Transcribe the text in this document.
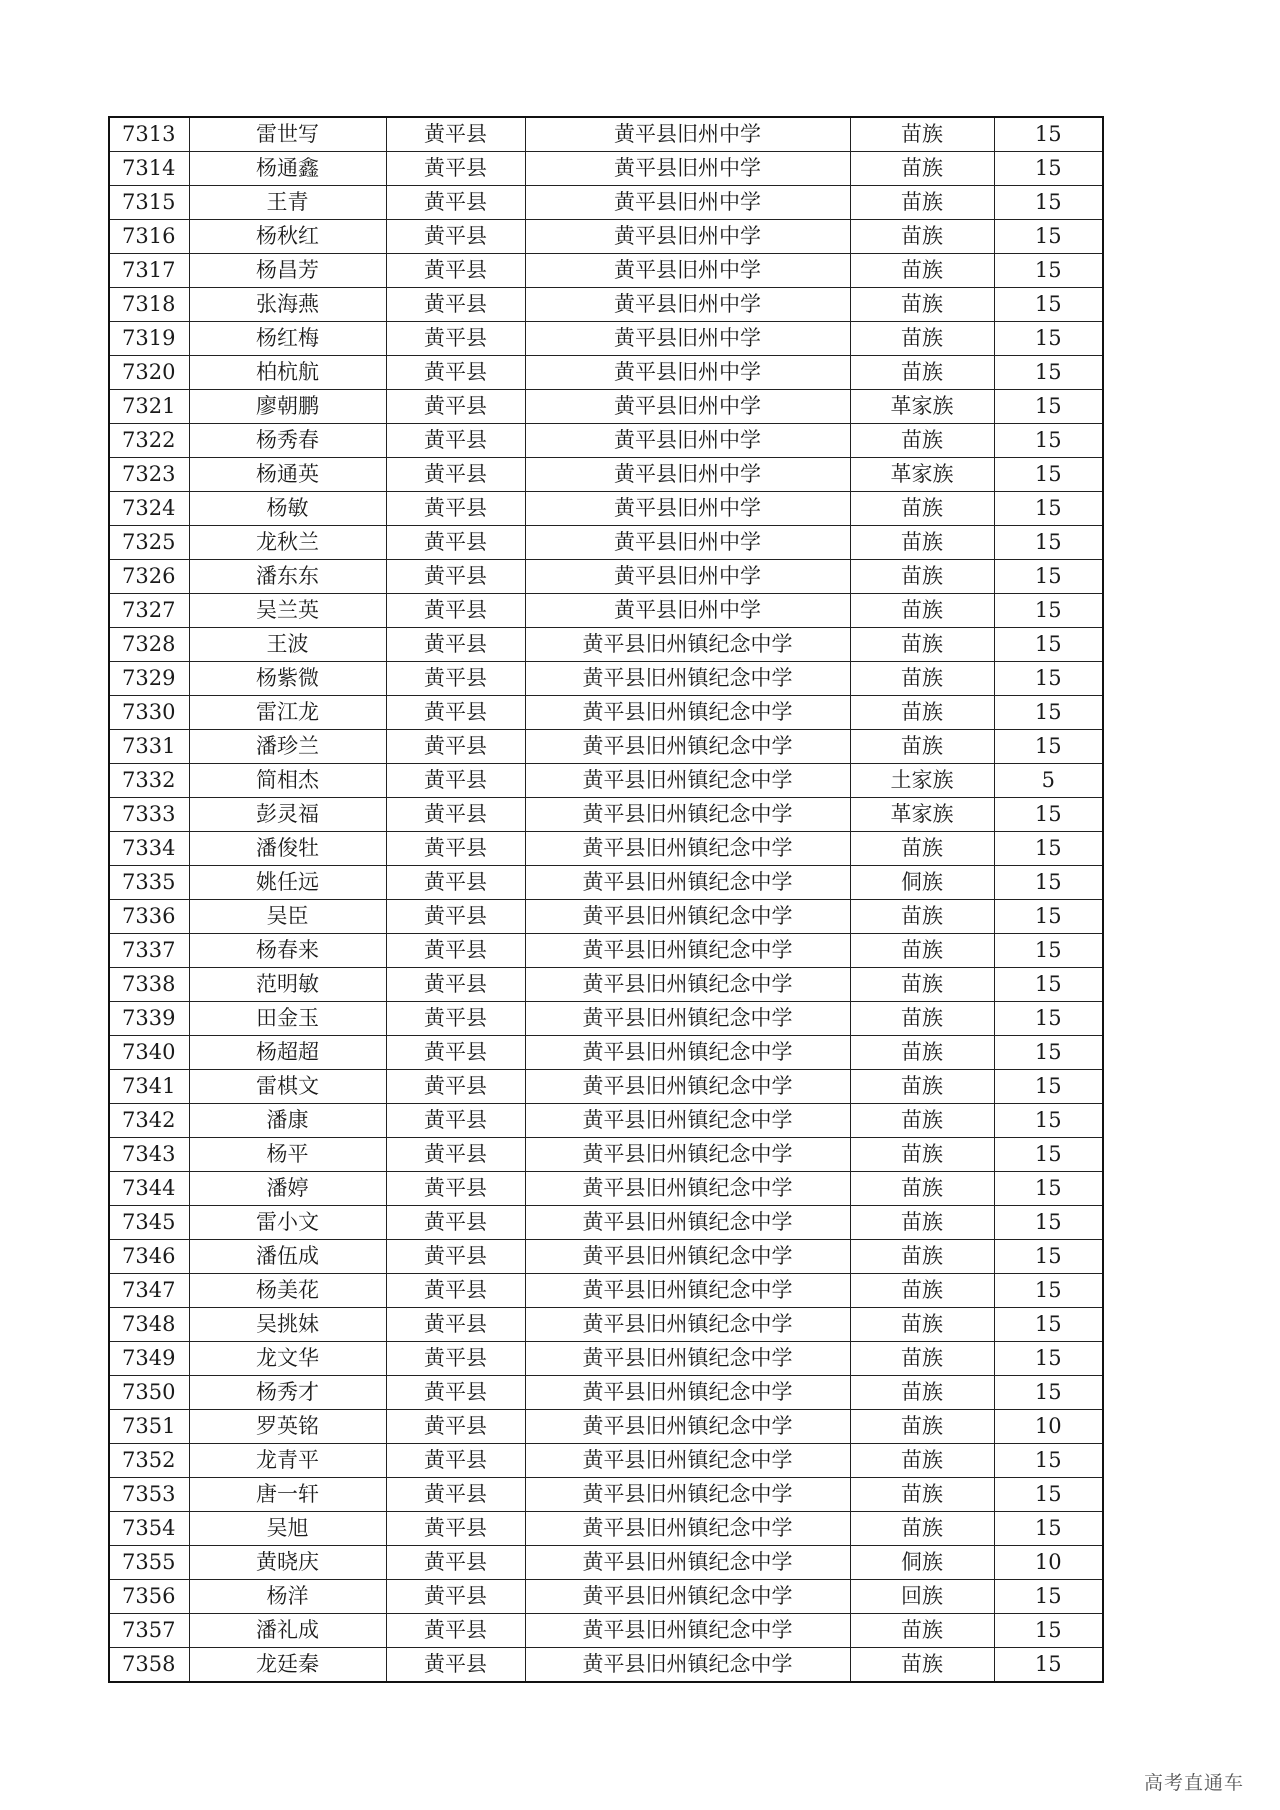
7313	雷世写	黄平县	黄平县旧州中学	苗族	15
7314	杨通鑫	黄平县	黄平县旧州中学	苗族	15
7315	王青	黄平县	黄平县旧州中学	苗族	15
7316	杨秋红	黄平县	黄平县旧州中学	苗族	15
7317	杨昌芳	黄平县	黄平县旧州中学	苗族	15
7318	张海燕	黄平县	黄平县旧州中学	苗族	15
7319	杨红梅	黄平县	黄平县旧州中学	苗族	15
7320	柏杭航	黄平县	黄平县旧州中学	苗族	15
7321	廖朝鹏	黄平县	黄平县旧州中学	革家族	15
7322	杨秀春	黄平县	黄平县旧州中学	苗族	15
7323	杨通英	黄平县	黄平县旧州中学	革家族	15
7324	杨敏	黄平县	黄平县旧州中学	苗族	15
7325	龙秋兰	黄平县	黄平县旧州中学	苗族	15
7326	潘东东	黄平县	黄平县旧州中学	苗族	15
7327	吴兰英	黄平县	黄平县旧州中学	苗族	15
7328	王波	黄平县	黄平县旧州镇纪念中学	苗族	15
7329	杨紫微	黄平县	黄平县旧州镇纪念中学	苗族	15
7330	雷江龙	黄平县	黄平县旧州镇纪念中学	苗族	15
7331	潘珍兰	黄平县	黄平县旧州镇纪念中学	苗族	15
7332	简相杰	黄平县	黄平县旧州镇纪念中学	土家族	5
7333	彭灵福	黄平县	黄平县旧州镇纪念中学	革家族	15
7334	潘俊牡	黄平县	黄平县旧州镇纪念中学	苗族	15
7335	姚任远	黄平县	黄平县旧州镇纪念中学	侗族	15
7336	吴臣	黄平县	黄平县旧州镇纪念中学	苗族	15
7337	杨春来	黄平县	黄平县旧州镇纪念中学	苗族	15
7338	范明敏	黄平县	黄平县旧州镇纪念中学	苗族	15
7339	田金玉	黄平县	黄平县旧州镇纪念中学	苗族	15
7340	杨超超	黄平县	黄平县旧州镇纪念中学	苗族	15
7341	雷棋文	黄平县	黄平县旧州镇纪念中学	苗族	15
7342	潘康	黄平县	黄平县旧州镇纪念中学	苗族	15
7343	杨平	黄平县	黄平县旧州镇纪念中学	苗族	15
7344	潘婷	黄平县	黄平县旧州镇纪念中学	苗族	15
7345	雷小文	黄平县	黄平县旧州镇纪念中学	苗族	15
7346	潘伍成	黄平县	黄平县旧州镇纪念中学	苗族	15
7347	杨美花	黄平县	黄平县旧州镇纪念中学	苗族	15
7348	吴挑妹	黄平县	黄平县旧州镇纪念中学	苗族	15
7349	龙文华	黄平县	黄平县旧州镇纪念中学	苗族	15
7350	杨秀才	黄平县	黄平县旧州镇纪念中学	苗族	15
7351	罗英铭	黄平县	黄平县旧州镇纪念中学	苗族	10
7352	龙青平	黄平县	黄平县旧州镇纪念中学	苗族	15
7353	唐一轩	黄平县	黄平县旧州镇纪念中学	苗族	15
7354	吴旭	黄平县	黄平县旧州镇纪念中学	苗族	15
7355	黄晓庆	黄平县	黄平县旧州镇纪念中学	侗族	10
7356	杨洋	黄平县	黄平县旧州镇纪念中学	回族	15
7357	潘礼成	黄平县	黄平县旧州镇纪念中学	苗族	15
7358	龙廷秦	黄平县	黄平县旧州镇纪念中学	苗族	15
高考直通车
